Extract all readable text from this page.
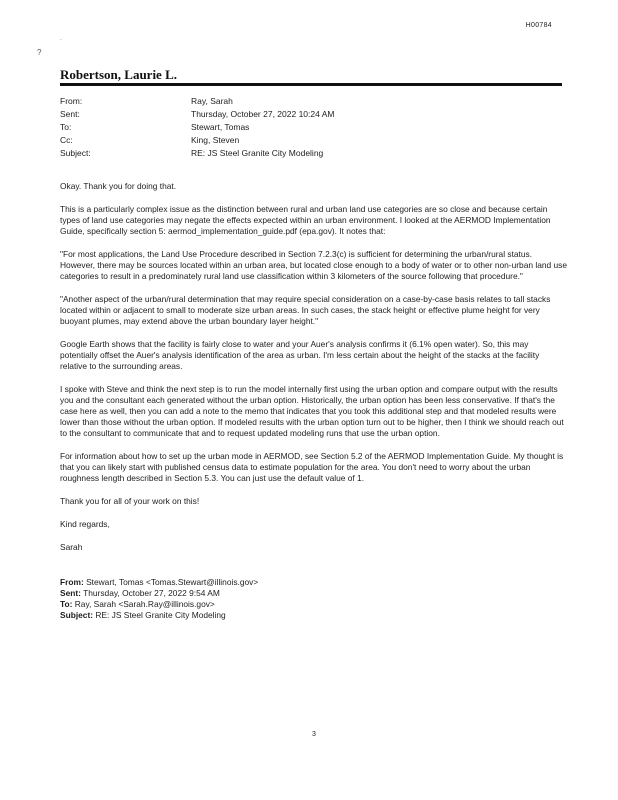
H00784
.
?
Robertson, Laurie L.
From:	Ray, Sarah
Sent:	Thursday, October 27, 2022 10:24 AM
To:	Stewart, Tomas
Cc:	King, Steven
Subject:	RE: JS Steel Granite City Modeling

Okay. Thank you for doing that.

This is a particularly complex issue as the distinction between rural and urban land use categories are so close and because certain types of land use categories may negate the effects expected within an urban environment. I looked at the AERMOD Implementation Guide, specifically section 5: aermod_implementation_guide.pdf (epa.gov). It notes that:

"For most applications, the Land Use Procedure described in Section 7.2.3(c) is sufficient for determining the urban/rural status. However, there may be sources located within an urban area, but located close enough to a body of water or to other non-urban land use categories to result in a predominately rural land use classification within 3 kilometers of the source following that procedure."

"Another aspect of the urban/rural determination that may require special consideration on a case-by-case basis relates to tall stacks located within or adjacent to small to moderate size urban areas. In such cases, the stack height or effective plume height for very buoyant plumes, may extend above the urban boundary layer height."

Google Earth shows that the facility is fairly close to water and your Auer's analysis confirms it (6.1% open water). So, this may potentially offset the Auer's analysis identification of the area as urban. I'm less certain about the height of the stacks at the facility relative to the surrounding areas.

I spoke with Steve and think the next step is to run the model internally first using the urban option and compare output with the results you and the consultant each generated without the urban option. Historically, the urban option has been less conservative. If that's the case here as well, then you can add a note to the memo that indicates that you took this additional step and that modeled results were lower than those without the urban option. If modeled results with the urban option turn out to be higher, then I think we should reach out to the consultant to communicate that and to request updated modeling runs that use the urban option.

For information about how to set up the urban mode in AERMOD, see Section 5.2 of the AERMOD Implementation Guide. My thought is that you can likely start with published census data to estimate population for the area. You don't need to worry about the urban roughness length described in Section 5.3. You can just use the default value of 1.

Thank you for all of your work on this!

Kind regards,

Sarah

From: Stewart, Tomas <Tomas.Stewart@illinois.gov>

Sent: Thursday, October 27, 2022 9:54 AM

To: Ray, Sarah <Sarah.Ray@illinois.gov>

Subject: RE: JS Steel Granite City Modeling

3
